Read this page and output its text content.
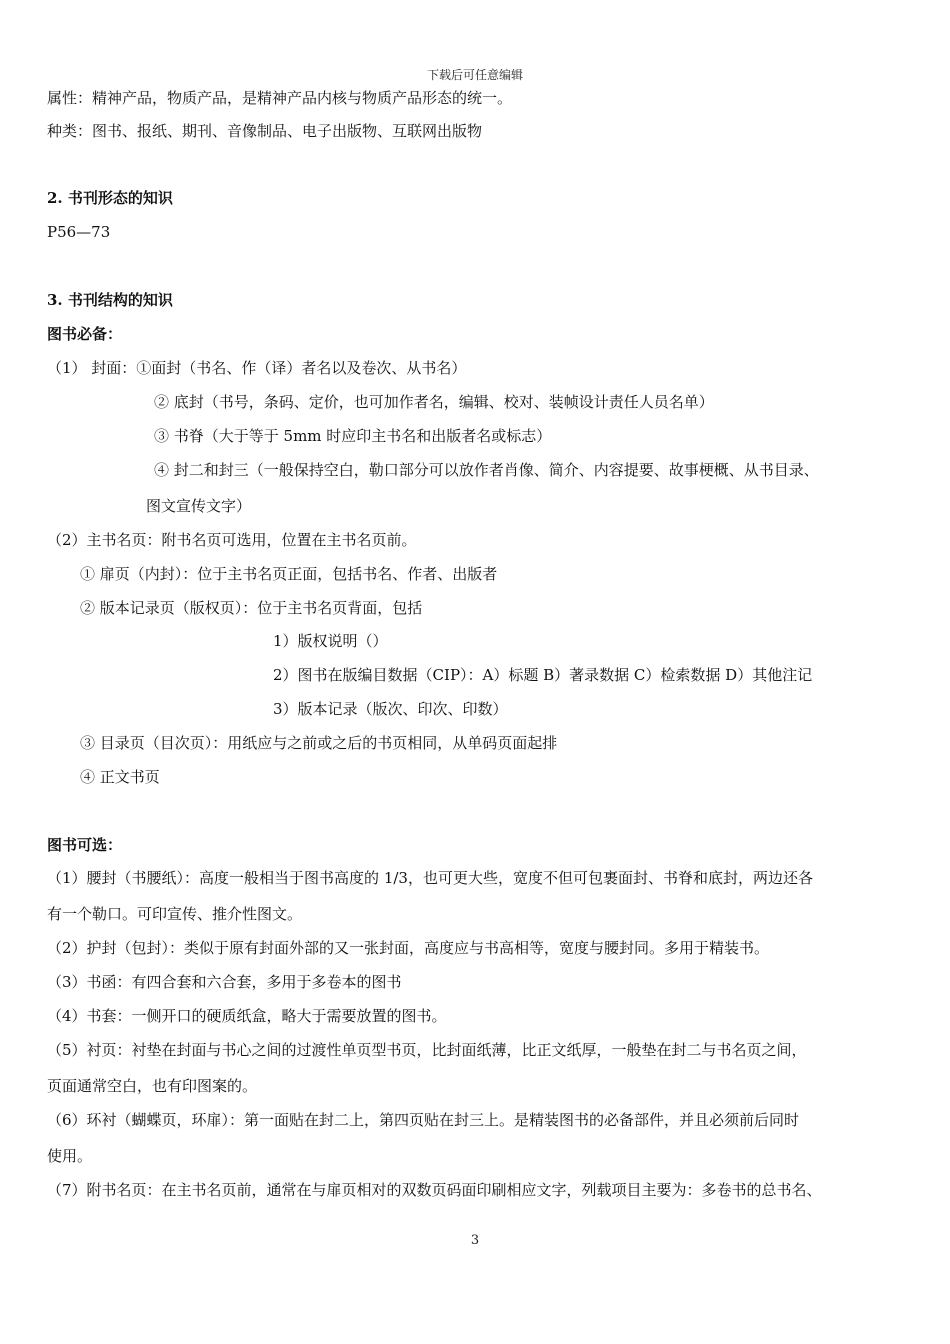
下载后可任意编辑
属性：精神产品，物质产品，是精神产品内核与物质产品形态的统一。
种类：图书、报纸、期刊、音像制品、电子出版物、互联网出版物
2. 书刊形态的知识
P56—73
3. 书刊结构的知识
图书必备：
（1） 封面：①面封（书名、作（译）者名以及卷次、从书名）
② 底封（书号，条码、定价，也可加作者名，编辑、校对、装帧设计责任人员名单）
③ 书脊（大于等于 5mm 时应印主书名和出版者名或标志）
④ 封二和封三（一般保持空白，勒口部分可以放作者肖像、简介、内容提要、故事梗概、从书目录、
图文宣传文字）
（2）主书名页：附书名页可选用，位置在主书名页前。
① 扉页（内封）：位于主书名页正面，包括书名、作者、出版者
② 版本记录页（版权页）：位于主书名页背面，包括
1）版权说明（）
2）图书在版编目数据（CIP）：A）标题 B）著录数据 C）检索数据 D）其他注记
3）版本记录（版次、印次、印数）
③ 目录页（目次页）：用纸应与之前或之后的书页相同，从单码页面起排
④ 正文书页
图书可选：
（1）腰封（书腰纸）：高度一般相当于图书高度的 1/3，也可更大些，宽度不但可包裹面封、书脊和底封，两边还各
有一个勒口。可印宣传、推介性图文。
（2）护封（包封）：类似于原有封面外部的又一张封面，高度应与书高相等，宽度与腰封同。多用于精装书。
（3）书函：有四合套和六合套，多用于多卷本的图书
（4）书套：一侧开口的硬质纸盒，略大于需要放置的图书。
（5）衬页：衬垫在封面与书心之间的过渡性单页型书页，比封面纸薄，比正文纸厚，一般垫在封二与书名页之间，
页面通常空白，也有印图案的。
（6）环衬（蝴蝶页，环扉）：第一面贴在封二上，第四页贴在封三上。是精装图书的必备部件，并且必须前后同时
使用。
（7）附书名页：在主书名页前，通常在与扉页相对的双数页码面印刷相应文字，列载项目主要为：多卷书的总书名、
3
